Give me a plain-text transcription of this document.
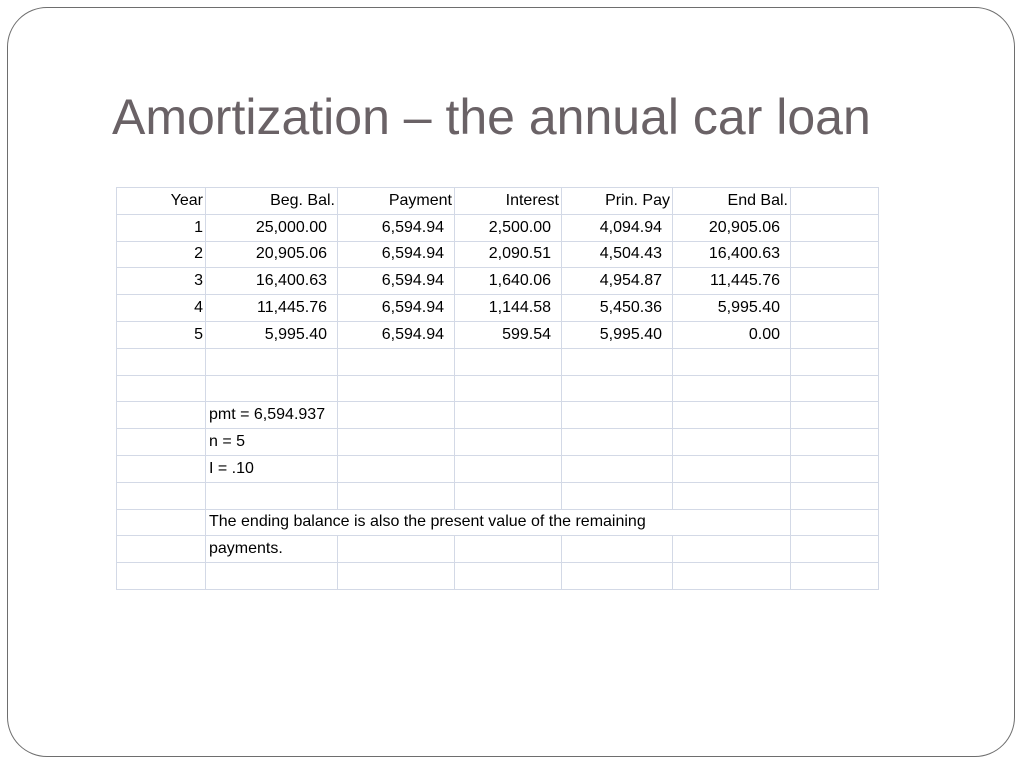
Amortization – the annual car loan
Year	Beg. Bal.	Payment	Interest	Prin. Pay	End Bal.	
1	25,000.00	6,594.94	2,500.00	4,094.94	20,905.06	
2	20,905.06	6,594.94	2,090.51	4,504.43	16,400.63	
3	16,400.63	6,594.94	1,640.06	4,954.87	11,445.76	
4	11,445.76	6,594.94	1,144.58	5,450.36	5,995.40	
5	5,995.40	6,594.94	599.54	5,995.40	0.00	

	pmt = 6,594.937					
	n = 5					
	I = .10					

	The ending balance is also the present value of the remaining					
	payments.					
